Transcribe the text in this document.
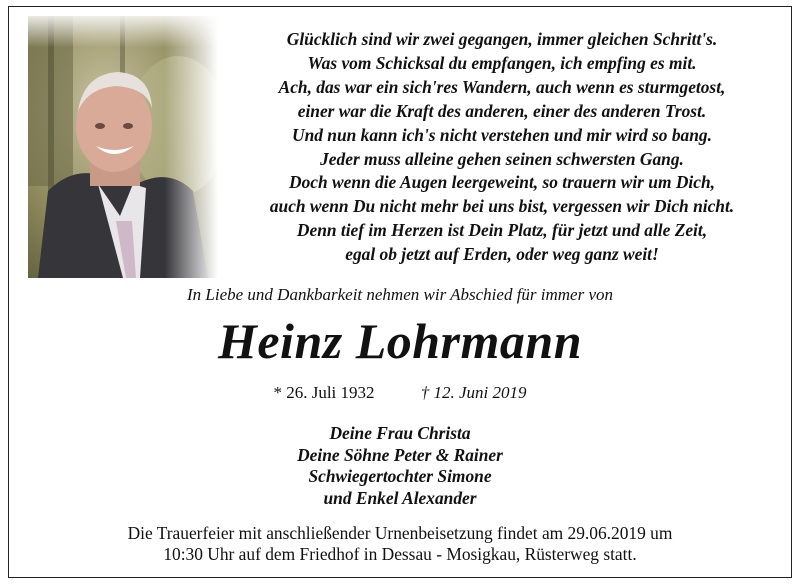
Glücklich sind wir zwei gegangen, immer gleichen Schritt's.
Was vom Schicksal du empfangen, ich empfing es mit.
Ach, das war ein sich'res Wandern, auch wenn es sturmgetost,
einer war die Kraft des anderen, einer des anderen Trost.
Und nun kann ich's nicht verstehen und mir wird so bang.
Jeder muss alleine gehen seinen schwersten Gang.
Doch wenn die Augen leergeweint, so trauern wir um Dich,
auch wenn Du nicht mehr bei uns bist, vergessen wir Dich nicht.
Denn tief im Herzen ist Dein Platz, für jetzt und alle Zeit,
egal ob jetzt auf Erden, oder weg ganz weit!
In Liebe und Dankbarkeit nehmen wir Abschied für immer von
Heinz Lohrmann
* 26. Juli 1932	† 12. Juni 2019
Deine Frau Christa
Deine Söhne Peter & Rainer
Schwiegertochter Simone
und Enkel Alexander
Die Trauerfeier mit anschließender Urnenbeisetzung findet am 29.06.2019 um
10:30 Uhr auf dem Friedhof in Dessau - Mosigkau, Rüsterweg statt.
